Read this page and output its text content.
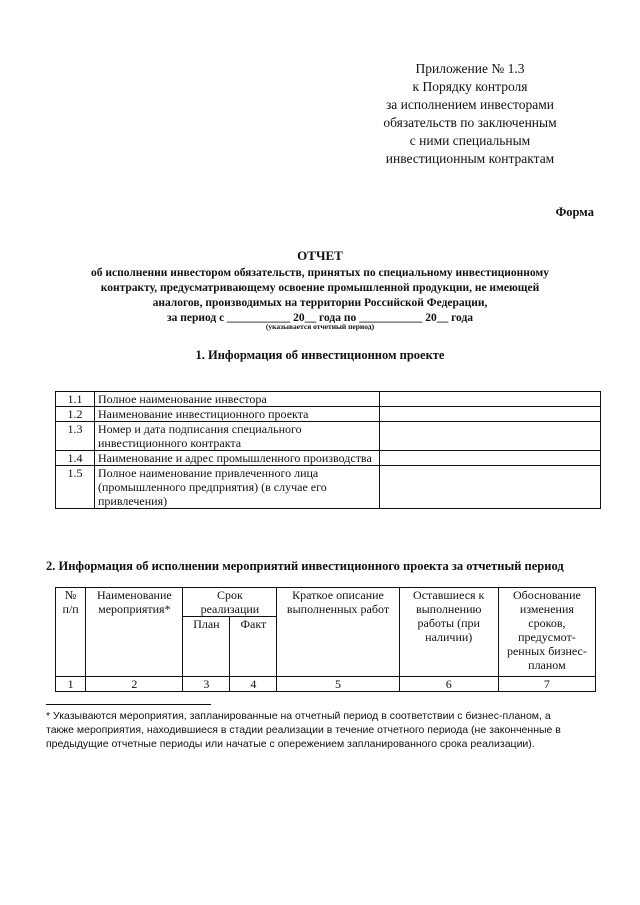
Приложение № 1.3
к Порядку контроля
за исполнением инвесторами
обязательств по заключенным
с ними специальным
инвестиционным контрактам
Форма
ОТЧЕТ
об исполнении инвестором обязательств, принятых по специальному инвестиционному
контракту, предусматривающему освоение промышленной продукции, не имеющей
аналогов, производимых на территории Российской Федерации,
за период с ___________ 20__ года по ___________ 20__ года
(указывается отчетный период)
1. Информация об инвестиционном проекте
1.1	Полное наименование инвестора	
1.2	Наименование инвестиционного проекта	
1.3	Номер и дата подписания специального инвестиционного контракта	
1.4	Наименование и адрес промышленного производства	
1.5	Полное наименование привлеченного лица (промышленного предприятия) (в случае его привлечения)	
2. Информация об исполнении мероприятий инвестиционного проекта за отчетный период
№ п/п	Наименование мероприятия*	Срок реализации		Краткое описание выполненных работ	Оставшиеся к выполнению работы (при наличии)	Обоснование изменения сроков, предусмот-ренных бизнес-планом
		План	Факт			
1	2	3	4	5	6	7
* Указываются мероприятия, запланированные на отчетный период в соответствии с бизнес-планом, а
также мероприятия, находившиеся в стадии реализации в течение отчетного периода (не законченные в
предыдущие отчетные периоды или начатые с опережением запланированного срока реализации).
